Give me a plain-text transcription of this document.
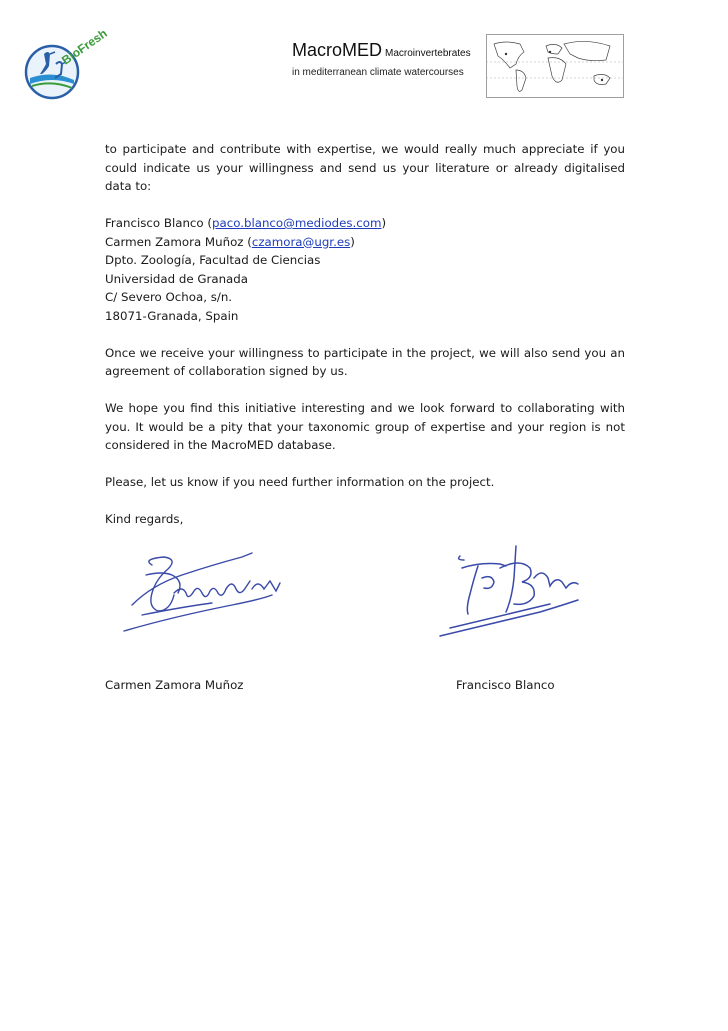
BioFresh	MacroMED Macroinvertebrates
in mediterranean climate watercourses

to participate and contribute with expertise, we would really much appreciate if you could indicate us your willingness and send us your literature or already digitalised data to:

Francisco Blanco (paco.blanco@mediodes.com)
Carmen Zamora Muñoz (czamora@ugr.es)
Dpto. Zoología, Facultad de Ciencias
Universidad de Granada
C/ Severo Ochoa, s/n.
18071-Granada, Spain

Once we receive your willingness to participate in the project, we will also send you an agreement of collaboration signed by us.

We hope you find this initiative interesting and we look forward to collaborating with you. It would be a pity that your taxonomic group of expertise and your region is not considered in the MacroMED database.

Please, let us know if you need further information on the project.

Kind regards,

Carmen Zamora Muñoz	Francisco Blanco
